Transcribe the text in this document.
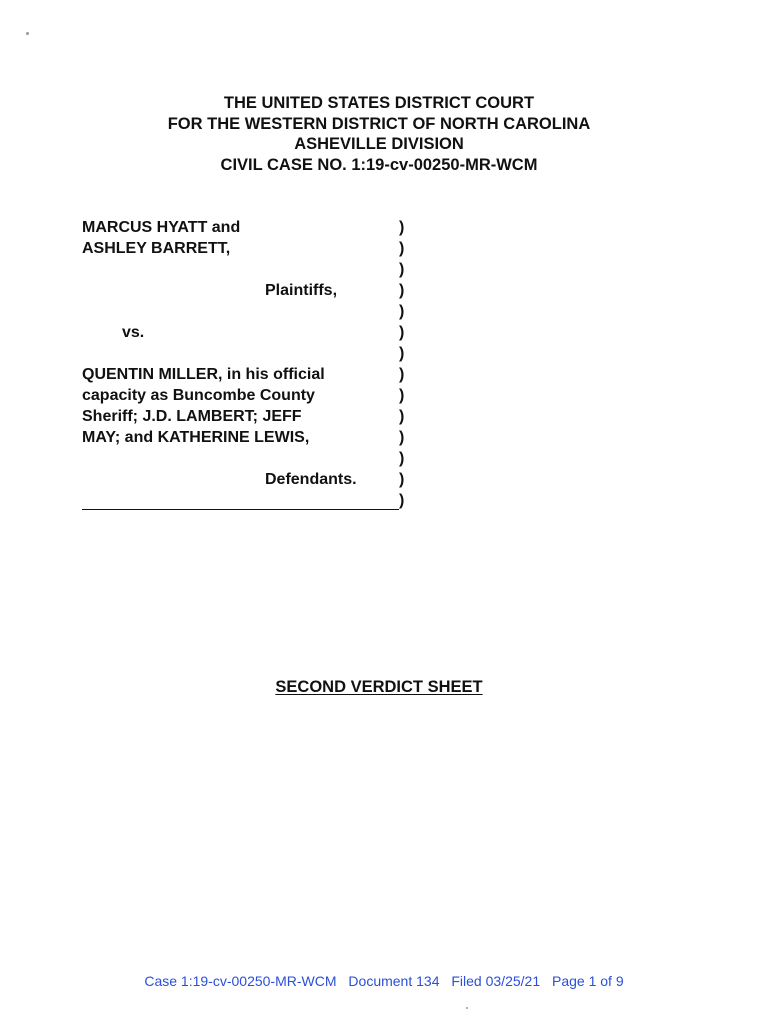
THE UNITED STATES DISTRICT COURT
FOR THE WESTERN DISTRICT OF NORTH CAROLINA
ASHEVILLE DIVISION
CIVIL CASE NO. 1:19-cv-00250-MR-WCM
MARCUS HYATT and
ASHLEY BARRETT,
Plaintiffs,
vs.
QUENTIN MILLER, in his official
capacity as Buncombe County
Sheriff; J.D. LAMBERT; JEFF
MAY; and KATHERINE LEWIS,
Defendants.
)
)
)
)
)
)
)
)
)
)
)
)
)
)
SECOND VERDICT SHEET
Case 1:19-cv-00250-MR-WCM Document 134 Filed 03/25/21 Page 1 of 9
